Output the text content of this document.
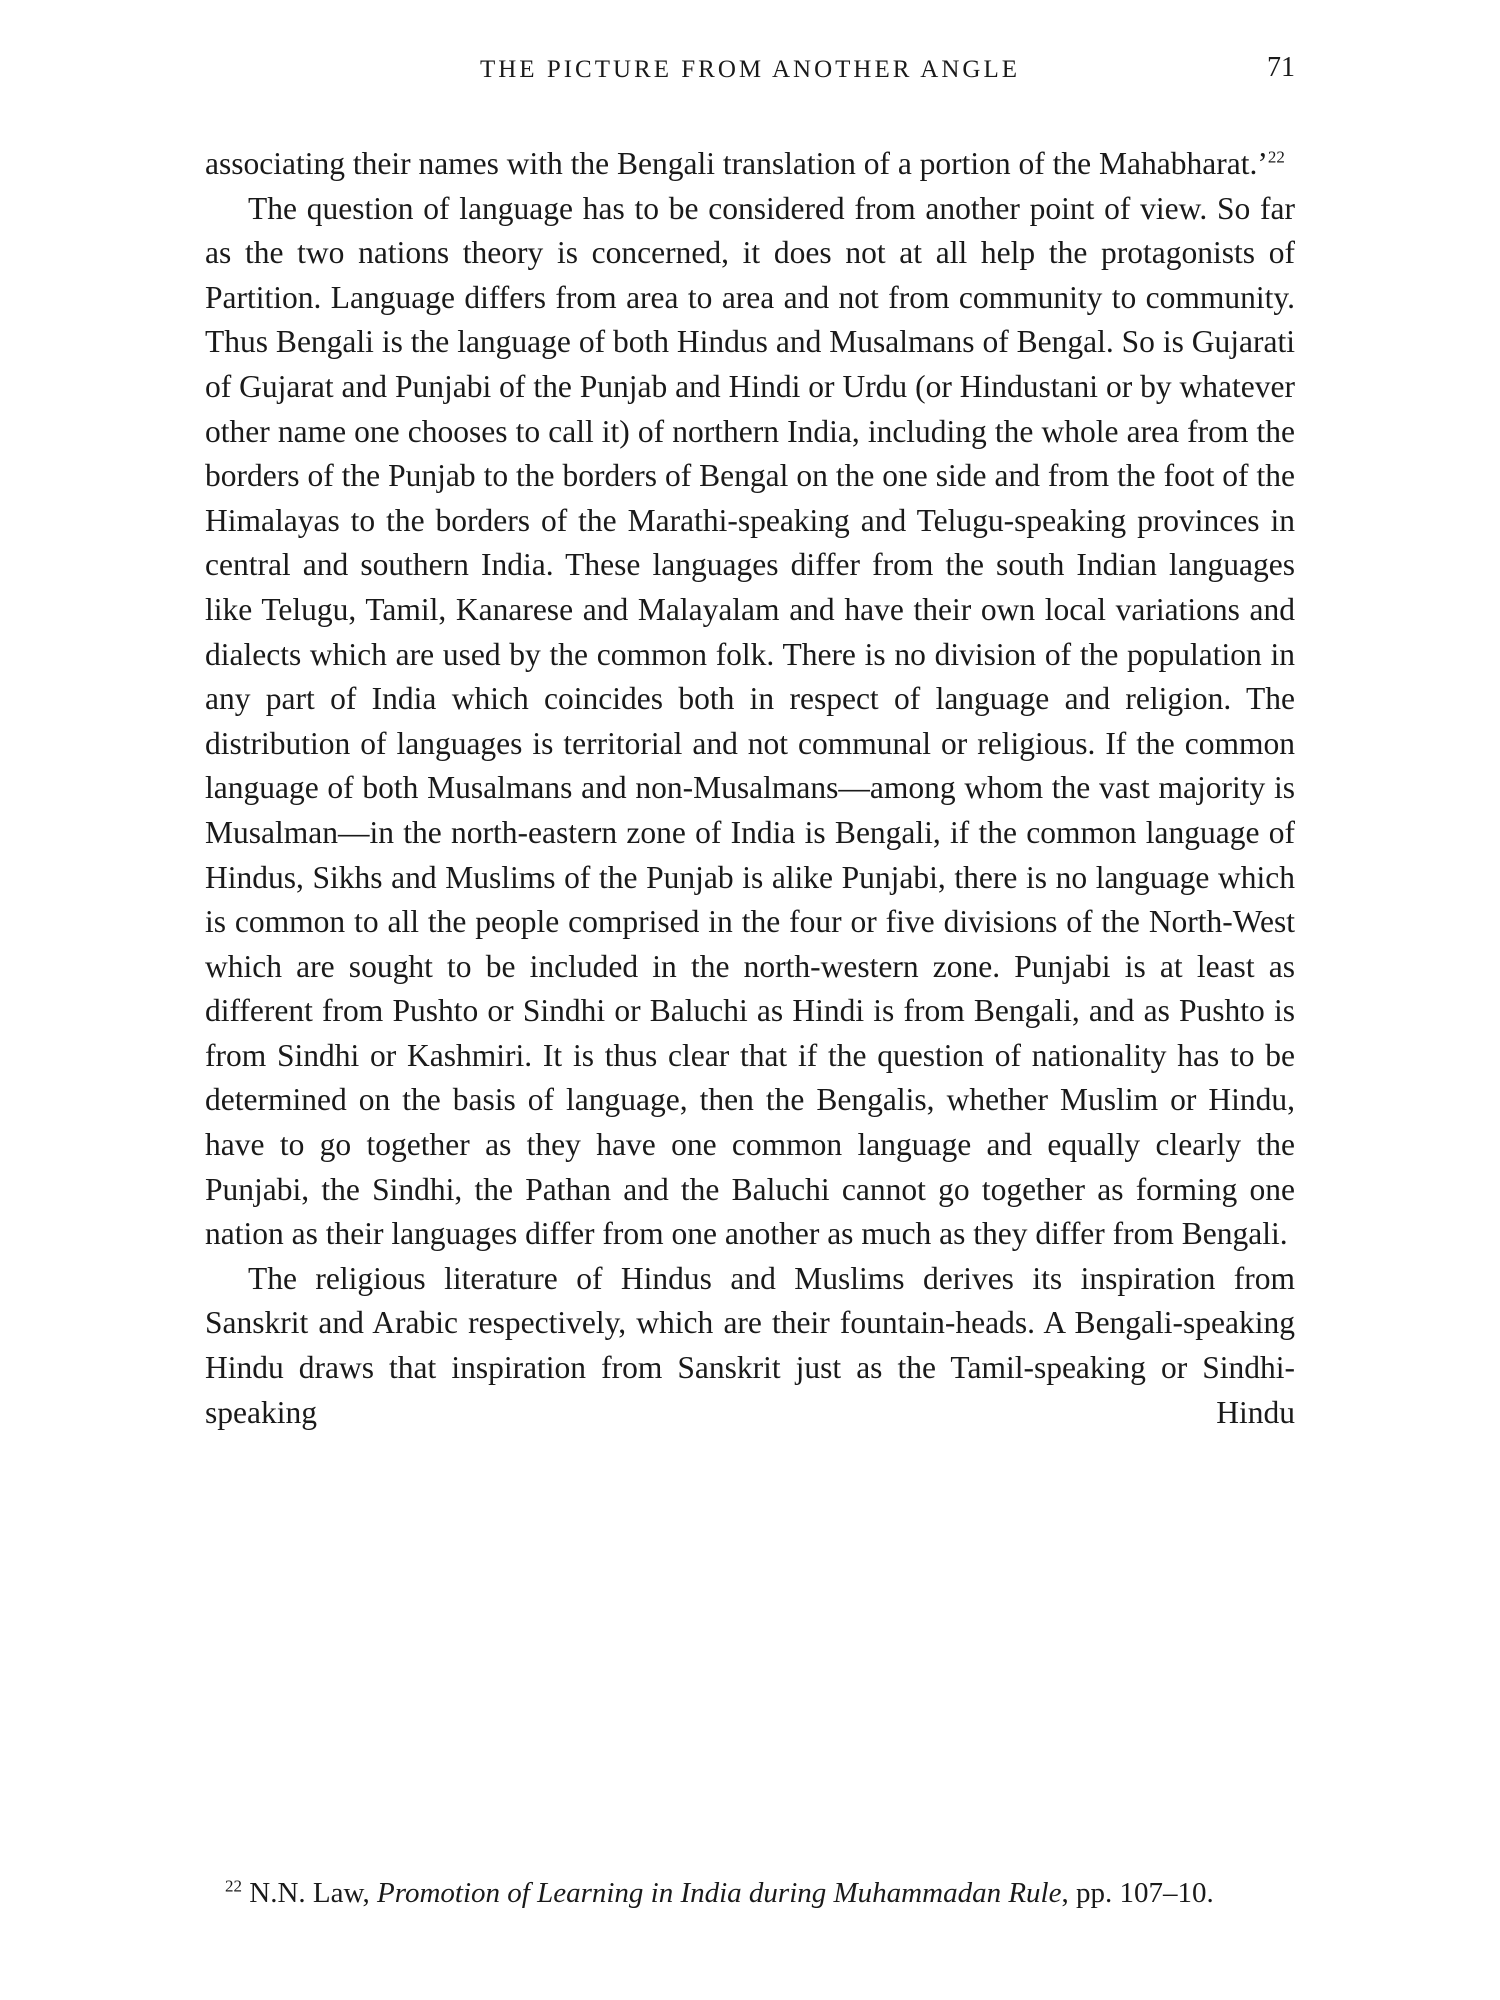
THE PICTURE FROM ANOTHER ANGLE	71

associating their names with the Bengali translation of a portion of the Mahabharat.’$^{22}$

The question of language has to be considered from another point of view. So far as the two nations theory is concerned, it does not at all help the protagonists of Partition. Language differs from area to area and not from community to community. Thus Bengali is the language of both Hindus and Musalmans of Bengal. So is Gujarati of Gujarat and Punjabi of the Punjab and Hindi or Urdu (or Hindustani or by whatever other name one chooses to call it) of northern India, including the whole area from the borders of the Punjab to the borders of Bengal on the one side and from the foot of the Himalayas to the borders of the Marathi-speaking and Telugu-speaking provinces in central and southern India. These languages differ from the south Indian languages like Telugu, Tamil, Kanarese and Malayalam and have their own local variations and dialects which are used by the common folk. There is no division of the population in any part of India which coincides both in respect of language and religion. The distribution of languages is territorial and not communal or religious. If the common language of both Musalmans and non-Musalmans—among whom the vast majority is Musalman—in the north-eastern zone of India is Bengali, if the common language of Hindus, Sikhs and Muslims of the Punjab is alike Punjabi, there is no language which is common to all the people comprised in the four or five divisions of the North-West which are sought to be included in the north-western zone. Punjabi is at least as different from Pushto or Sindhi or Baluchi as Hindi is from Bengali, and as Pushto is from Sindhi or Kashmiri. It is thus clear that if the question of nationality has to be determined on the basis of language, then the Bengalis, whether Muslim or Hindu, have to go together as they have one common language and equally clearly the Punjabi, the Sindhi, the Pathan and the Baluchi cannot go together as forming one nation as their languages differ from one another as much as they differ from Bengali.

The religious literature of Hindus and Muslims derives its inspiration from Sanskrit and Arabic respectively, which are their fountain-heads. A Bengali-speaking Hindu draws that inspiration from Sanskrit just as the Tamil-speaking or Sindhi-speaking Hindu

$^{22}$ N.N. Law, Promotion of Learning in India during Muhammadan Rule, pp. 107–10.
